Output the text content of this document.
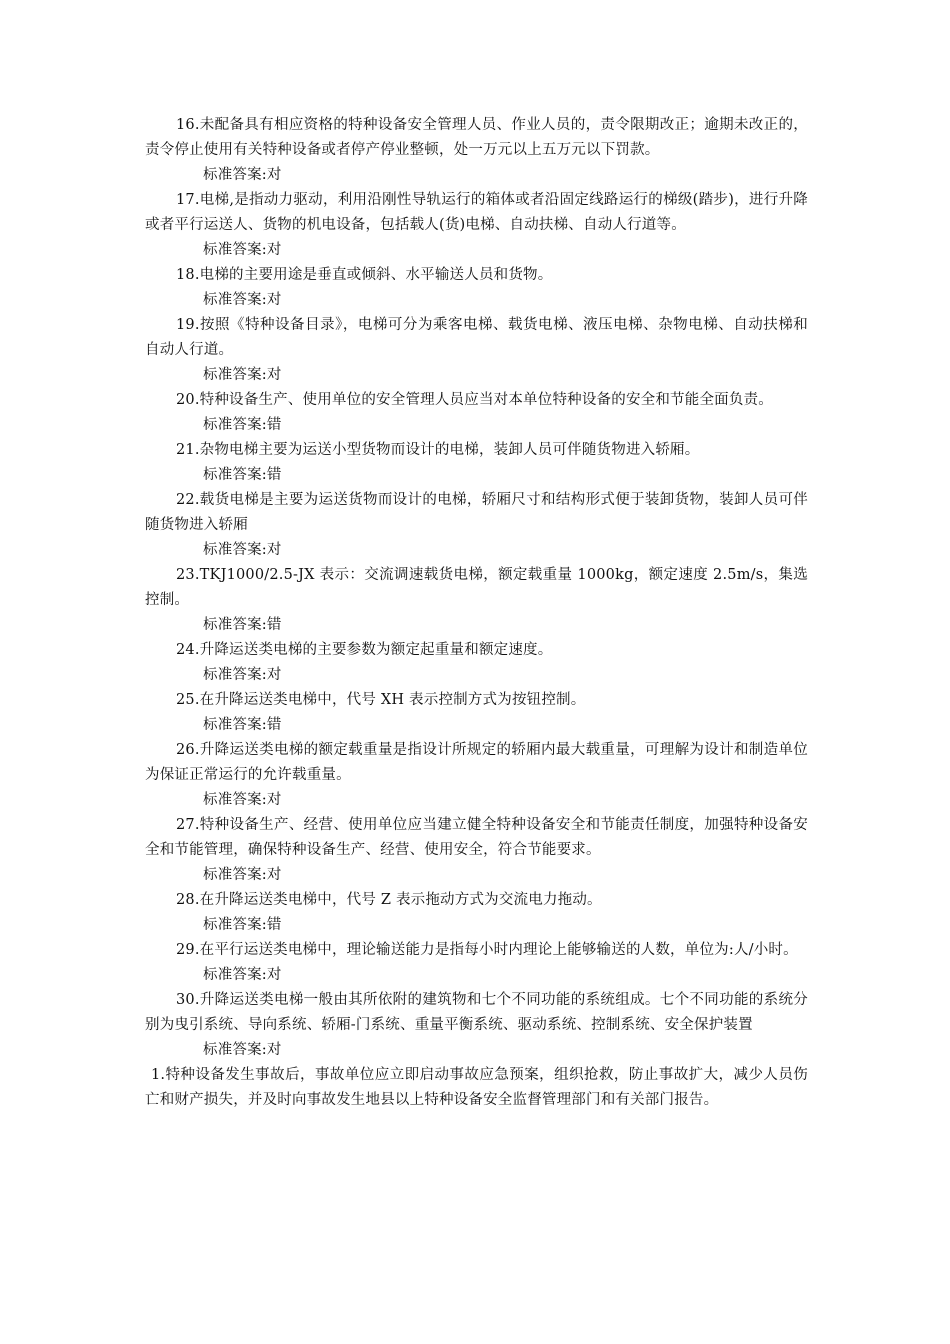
16.未配备具有相应资格的特种设备安全管理人员、作业人员的，责令限期改正；逾期未改正的，责令停止使用有关特种设备或者停产停业整顿，处一万元以上五万元以下罚款。

标准答案:对

17.电梯,是指动力驱动，利用沿刚性导轨运行的箱体或者沿固定线路运行的梯级(踏步)，进行升降或者平行运送人、货物的机电设备，包括载人(货)电梯、自动扶梯、自动人行道等。

标准答案:对

18.电梯的主要用途是垂直或倾斜、水平输送人员和货物。

标准答案:对

19.按照《特种设备目录》，电梯可分为乘客电梯、载货电梯、液压电梯、杂物电梯、自动扶梯和自动人行道。

标准答案:对

20.特种设备生产、使用单位的安全管理人员应当对本单位特种设备的安全和节能全面负责。

标准答案:错

21.杂物电梯主要为运送小型货物而设计的电梯，装卸人员可伴随货物进入轿厢。

标准答案:错

22.载货电梯是主要为运送货物而设计的电梯，轿厢尺寸和结构形式便于装卸货物，装卸人员可伴随货物进入轿厢

标准答案:对

23.TKJ1000/2.5-JX 表示：交流调速载货电梯，额定载重量 1000kg，额定速度 2.5m/s，集选控制。

标准答案:错

24.升降运送类电梯的主要参数为额定起重量和额定速度。

标准答案:对

25.在升降运送类电梯中，代号 XH 表示控制方式为按钮控制。

标准答案:错

26.升降运送类电梯的额定载重量是指设计所规定的轿厢内最大载重量，可理解为设计和制造单位为保证正常运行的允许载重量。

标准答案:对

27.特种设备生产、经营、使用单位应当建立健全特种设备安全和节能责任制度，加强特种设备安全和节能管理，确保特种设备生产、经营、使用安全，符合节能要求。

标准答案:对

28.在升降运送类电梯中，代号 Z 表示拖动方式为交流电力拖动。

标准答案:错

29.在平行运送类电梯中，理论输送能力是指每小时内理论上能够输送的人数，单位为:人/小时。

标准答案:对

30.升降运送类电梯一般由其所依附的建筑物和七个不同功能的系统组成。七个不同功能的系统分别为曳引系统、导向系统、轿厢-门系统、重量平衡系统、驱动系统、控制系统、安全保护装置

标准答案:对

1.特种设备发生事故后，事故单位应立即启动事故应急预案，组织抢救，防止事故扩大，减少人员伤亡和财产损失，并及时向事故发生地县以上特种设备安全监督管理部门和有关部门报告。
